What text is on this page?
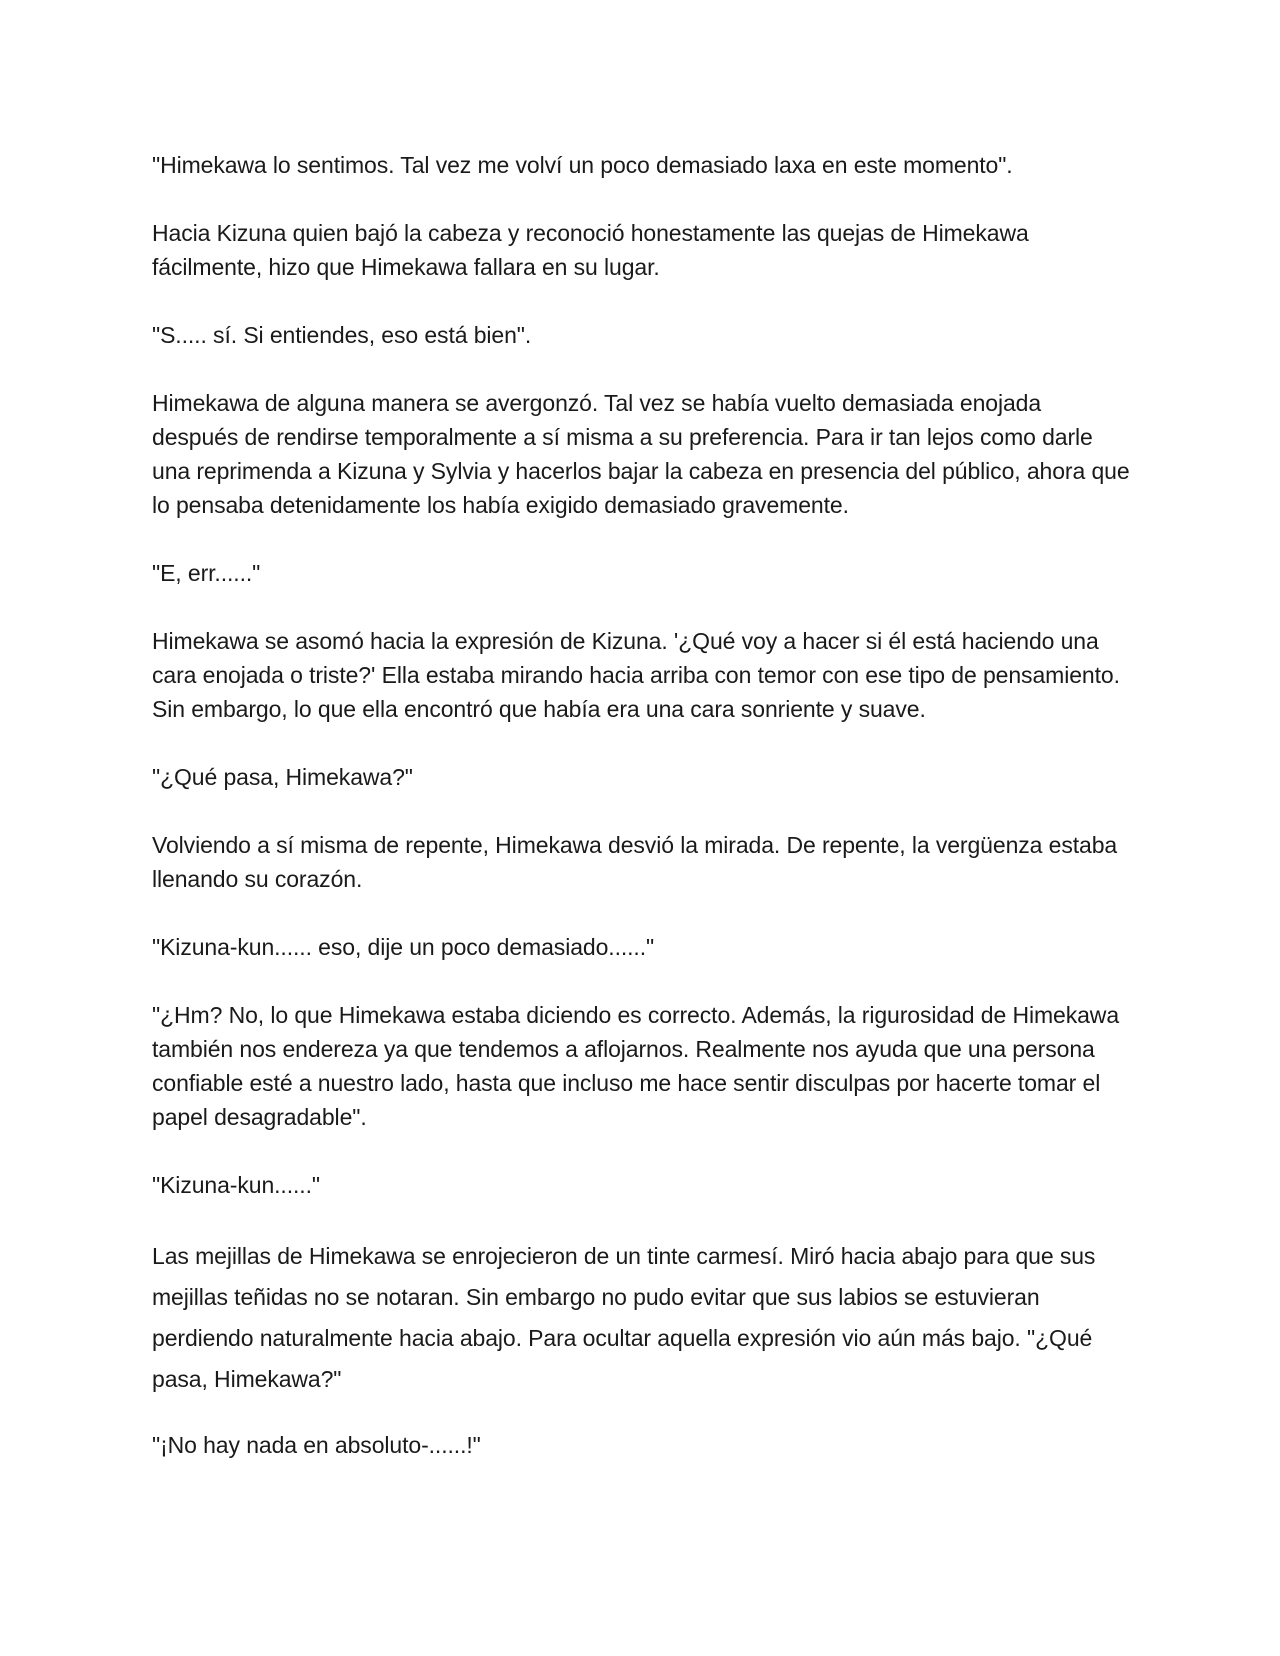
"Himekawa lo sentimos. Tal vez me volví un poco demasiado laxa en este momento".

Hacia Kizuna quien bajó la cabeza y reconoció honestamente las quejas de Himekawa fácilmente, hizo que Himekawa fallara en su lugar.

"S..... sí. Si entiendes, eso está bien".

Himekawa de alguna manera se avergonzó. Tal vez se había vuelto demasiada enojada después de rendirse temporalmente a sí misma a su preferencia. Para ir tan lejos como darle una reprimenda a Kizuna y Sylvia y hacerlos bajar la cabeza en presencia del público, ahora que lo pensaba detenidamente los había exigido demasiado gravemente.

"E, err......"

Himekawa se asomó hacia la expresión de Kizuna. '¿Qué voy a hacer si él está haciendo una cara enojada o triste?' Ella estaba mirando hacia arriba con temor con ese tipo de pensamiento. Sin embargo, lo que ella encontró que había era una cara sonriente y suave.

"¿Qué pasa, Himekawa?"

Volviendo a sí misma de repente, Himekawa desvió la mirada. De repente, la vergüenza estaba llenando su corazón.

"Kizuna-kun...... eso, dije un poco demasiado......"

"¿Hm? No, lo que Himekawa estaba diciendo es correcto. Además, la rigurosidad de Himekawa también nos endereza ya que tendemos a aflojarnos. Realmente nos ayuda que una persona confiable esté a nuestro lado, hasta que incluso me hace sentir disculpas por hacerte tomar el papel desagradable".

"Kizuna-kun......"

Las mejillas de Himekawa se enrojecieron de un tinte carmesí. Miró hacia abajo para que sus mejillas teñidas no se notaran. Sin embargo no pudo evitar que sus labios se estuvieran perdiendo naturalmente hacia abajo. Para ocultar aquella expresión vio aún más bajo. "¿Qué pasa, Himekawa?"

"¡No hay nada en absoluto-......!"
